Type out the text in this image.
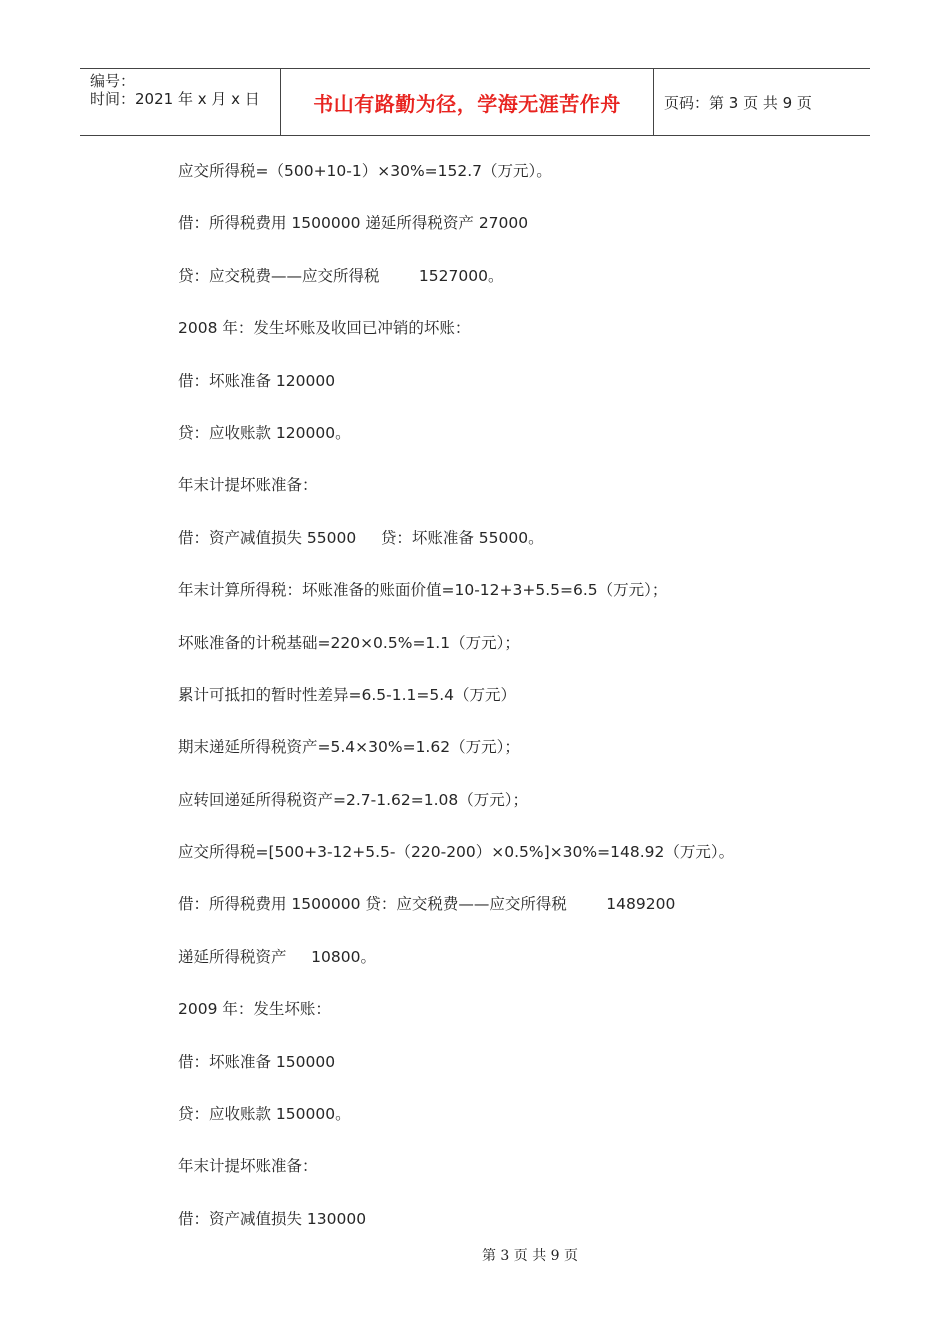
编号：
时间：2021 年 x 月 x 日	书山有路勤为径，学海无涯苦作舟	页码：第 3 页 共 9 页
应交所得税=（500+10-1）×30%=152.7（万元）。
借：所得税费用 1500000 递延所得税资产 27000
贷：应交税费——应交所得税        1527000。
2008 年：发生坏账及收回已冲销的坏账：
借：坏账准备 120000
贷：应收账款 120000。
年末计提坏账准备：
借：资产减值损失 55000     贷：坏账准备 55000。
年末计算所得税：坏账准备的账面价值=10-12+3+5.5=6.5（万元）；
坏账准备的计税基础=220×0.5%=1.1（万元）；
累计可抵扣的暂时性差异=6.5-1.1=5.4（万元）
期末递延所得税资产=5.4×30%=1.62（万元）；
应转回递延所得税资产=2.7-1.62=1.08（万元）；
应交所得税=[500+3-12+5.5-（220-200）×0.5%]×30%=148.92（万元）。
借：所得税费用 1500000 贷：应交税费——应交所得税        1489200
递延所得税资产     10800。
2009 年：发生坏账：
借：坏账准备 150000
贷：应收账款 150000。
年末计提坏账准备：
借：资产减值损失 130000
第 3 页 共 9 页
